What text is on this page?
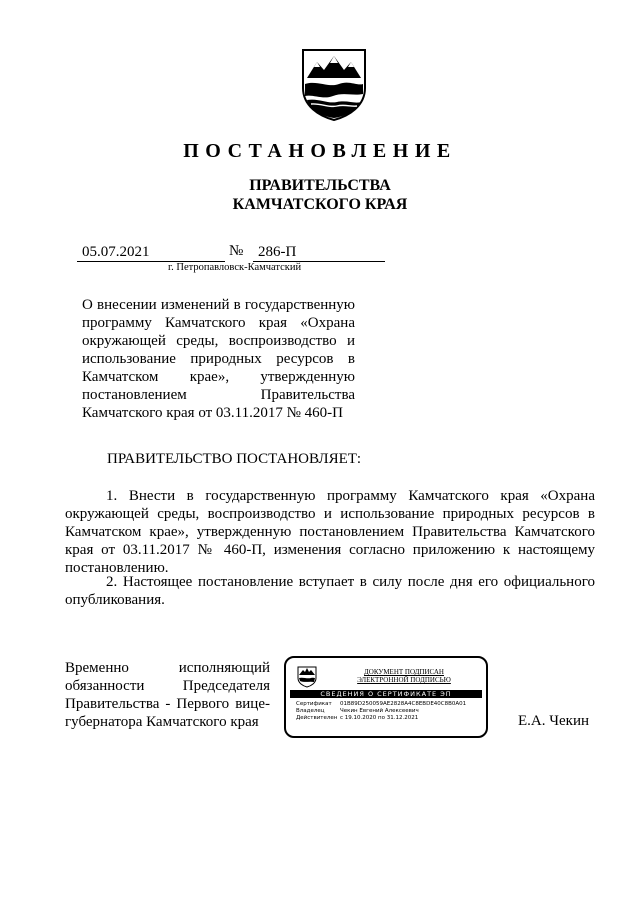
ПОСТАНОВЛЕНИЕ
ПРАВИТЕЛЬСТВА
КАМЧАТСКОГО КРАЯ
05.07.2021	№ 286-П
г. Петропавловск-Камчатский
О внесении изменений в государственную программу Камчатского края «Охрана окружающей среды, воспроизводство и использование природных ресурсов в Камчатском крае», утвержденную постановлением Правительства Камчатского края от 03.11.2017 № 460-П
ПРАВИТЕЛЬСТВО ПОСТАНОВЛЯЕТ:
1. Внести в государственную программу Камчатского края «Охрана окружающей среды, воспроизводство и использование природных ресурсов в Камчатском крае», утвержденную постановлением Правительства Камчатского края от 03.11.2017 № 460-П, изменения согласно приложению к настоящему постановлению.
2. Настоящее постановление вступает в силу после дня его официального опубликования.
Временно исполняющий
обязанности Председателя
Правительства - Первого вице-
губернатора Камчатского края
ДОКУМЕНТ ПОДПИСАН
ЭЛЕКТРОННОЙ ПОДПИСЬЮ
СВЕДЕНИЯ О СЕРТИФИКАТЕ ЭП
Сертификат 01B89D250059AE2828A4C8EBDE40C8B0A01
Владелец	Чекин Евгений Алексеевич
Действителен с 19.10.2020 по 31.12.2021	Е.А. Чекин
